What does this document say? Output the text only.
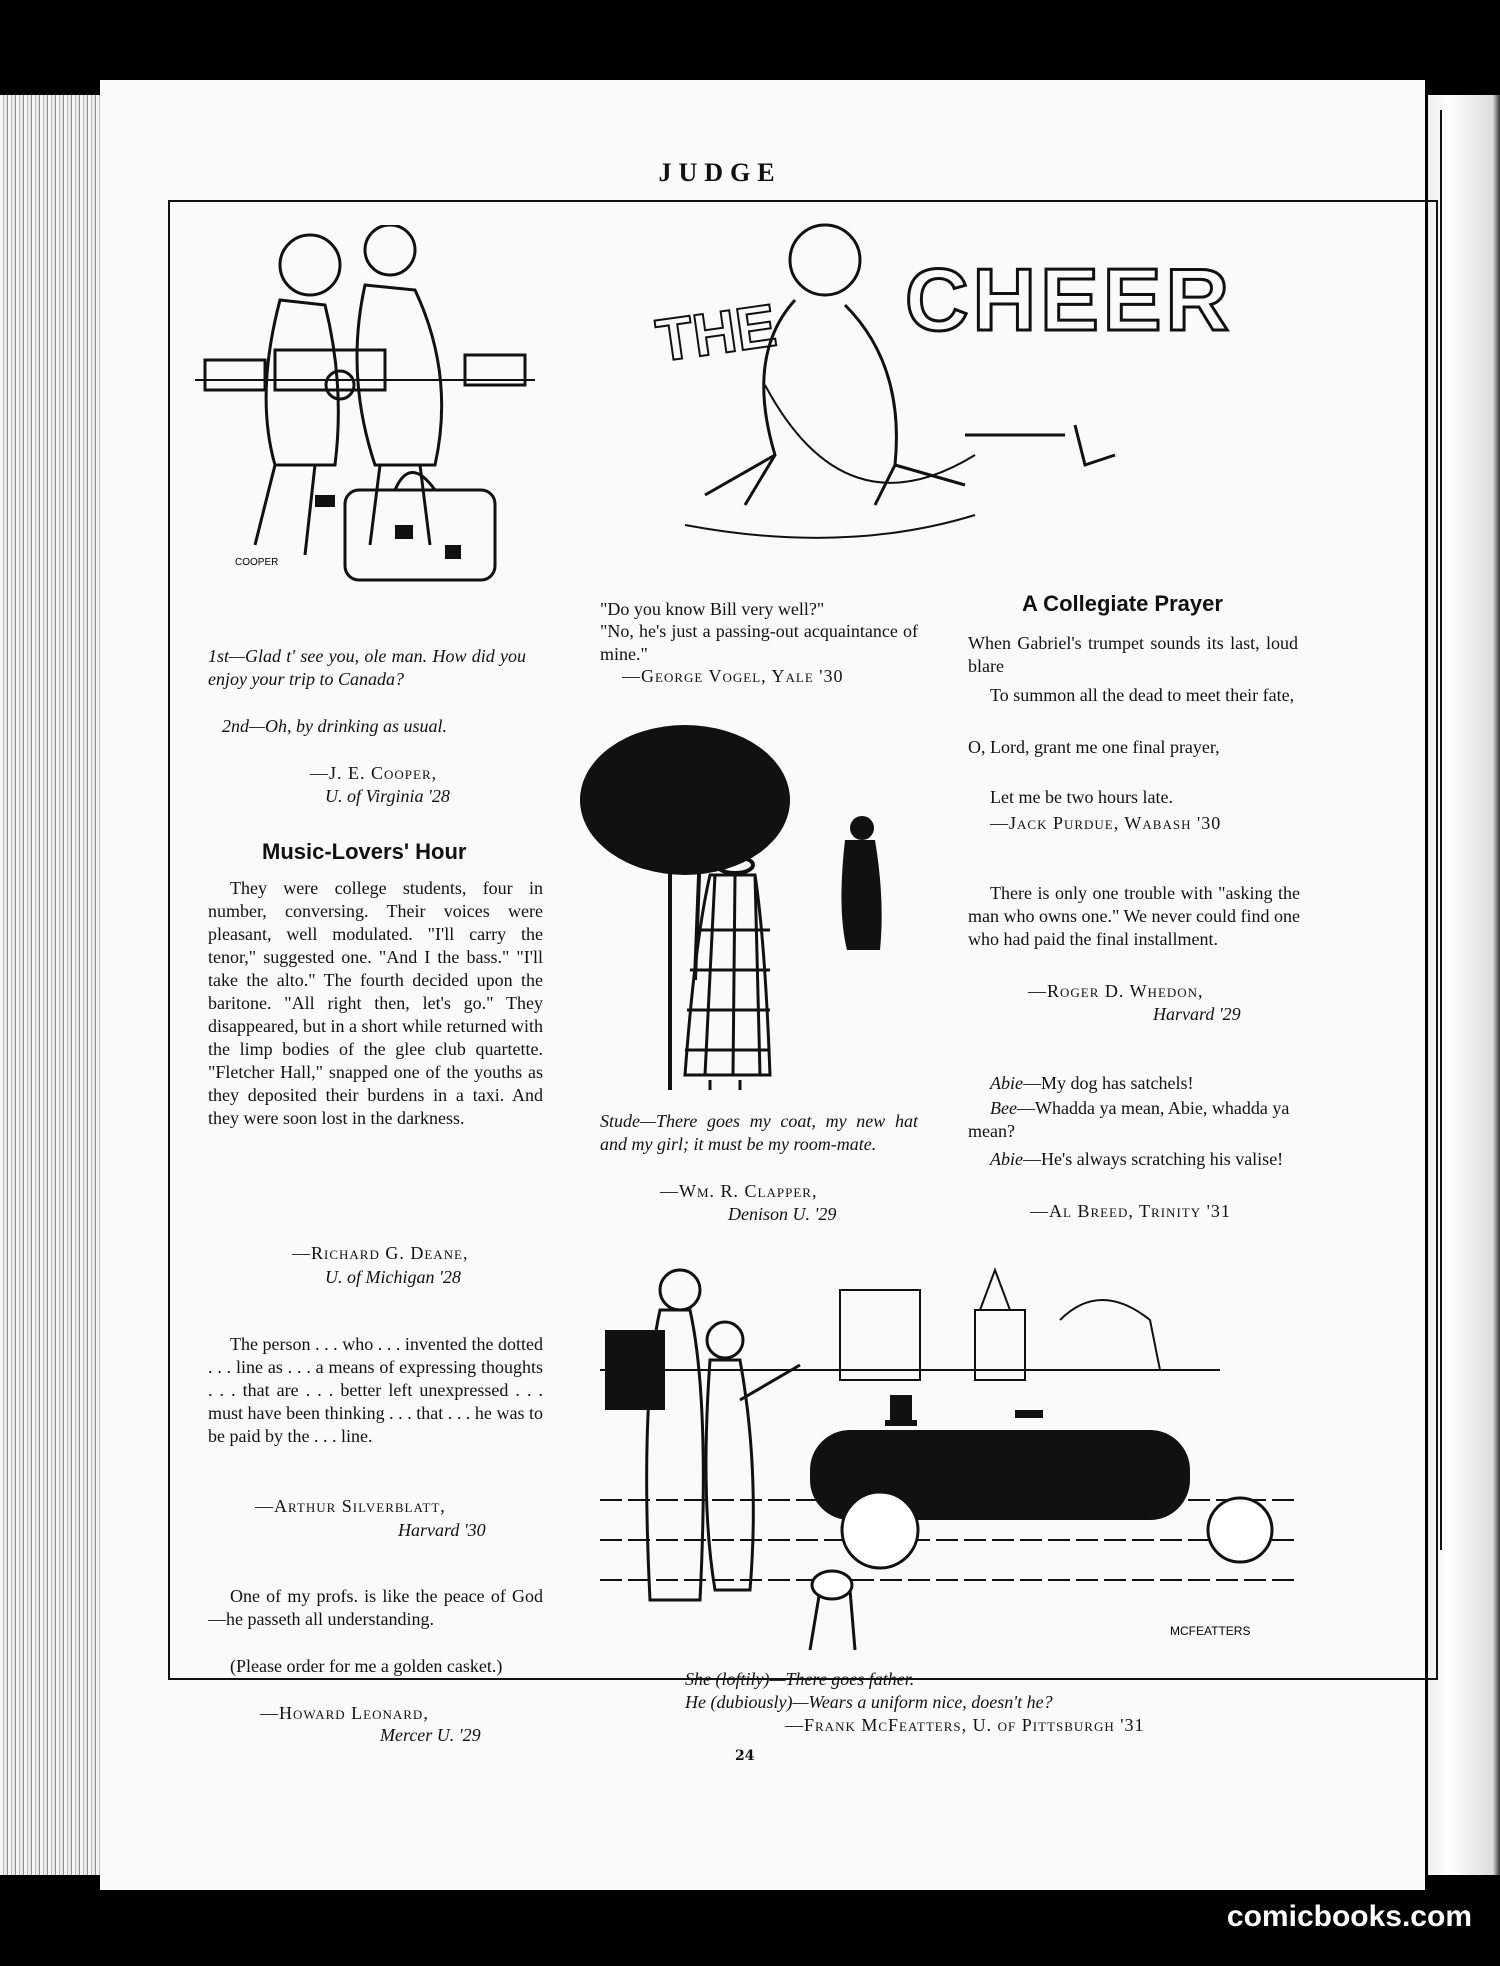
JUDGE
COOPER
1st—Glad t' see you, ole man. How did you enjoy your trip to Canada?
2nd—Oh, by drinking as usual.
—J. E. Cooper,
U. of Virginia '28
Music-Lovers' Hour
They were college students, four in number, conversing. Their voices were pleasant, well modulated. "I'll carry the tenor," suggested one. "And I the bass." "I'll take the alto." The fourth decided upon the baritone. "All right then, let's go." They disappeared, but in a short while returned with the limp bodies of the glee club quartette. "Fletcher Hall," snapped one of the youths as they deposited their burdens in a taxi. And they were soon lost in the darkness.
—Richard G. Deane,
U. of Michigan '28
The person . . . who . . . invented the dotted . . . line as . . . a means of expressing thoughts . . . that are . . . better left unexpressed . . . must have been thinking . . . that . . . he was to be paid by the . . . line.
—Arthur Silverblatt,
Harvard '30
One of my profs. is like the peace of God—he passeth all understanding.
(Please order for me a golden casket.)
—Howard Leonard,
Mercer U. '29
THE CHEER
"Do you know Bill very well?"
"No, he's just a passing-out acquaintance of mine."
—George Vogel, Yale '30
Stude—There goes my coat, my new hat and my girl; it must be my room-mate.
—Wm. R. Clapper,
Denison U. '29
A Collegiate Prayer
When Gabriel's trumpet sounds its last, loud blare
To summon all the dead to meet their fate,
O, Lord, grant me one final prayer,
Let me be two hours late.
—Jack Purdue, Wabash '30
There is only one trouble with "asking the man who owns one." We never could find one who had paid the final installment.
—Roger D. Whedon,
Harvard '29
Abie—My dog has satchels!
Bee—Whadda ya mean, Abie, whadda ya mean?
Abie—He's always scratching his valise!
—Al Breed, Trinity '31
MCFEATTERS
She (loftily)—There goes father.
He (dubiously)—Wears a uniform nice, doesn't he?
—Frank McFeatters, U. of Pittsburgh '31
24
comicbooks.com
